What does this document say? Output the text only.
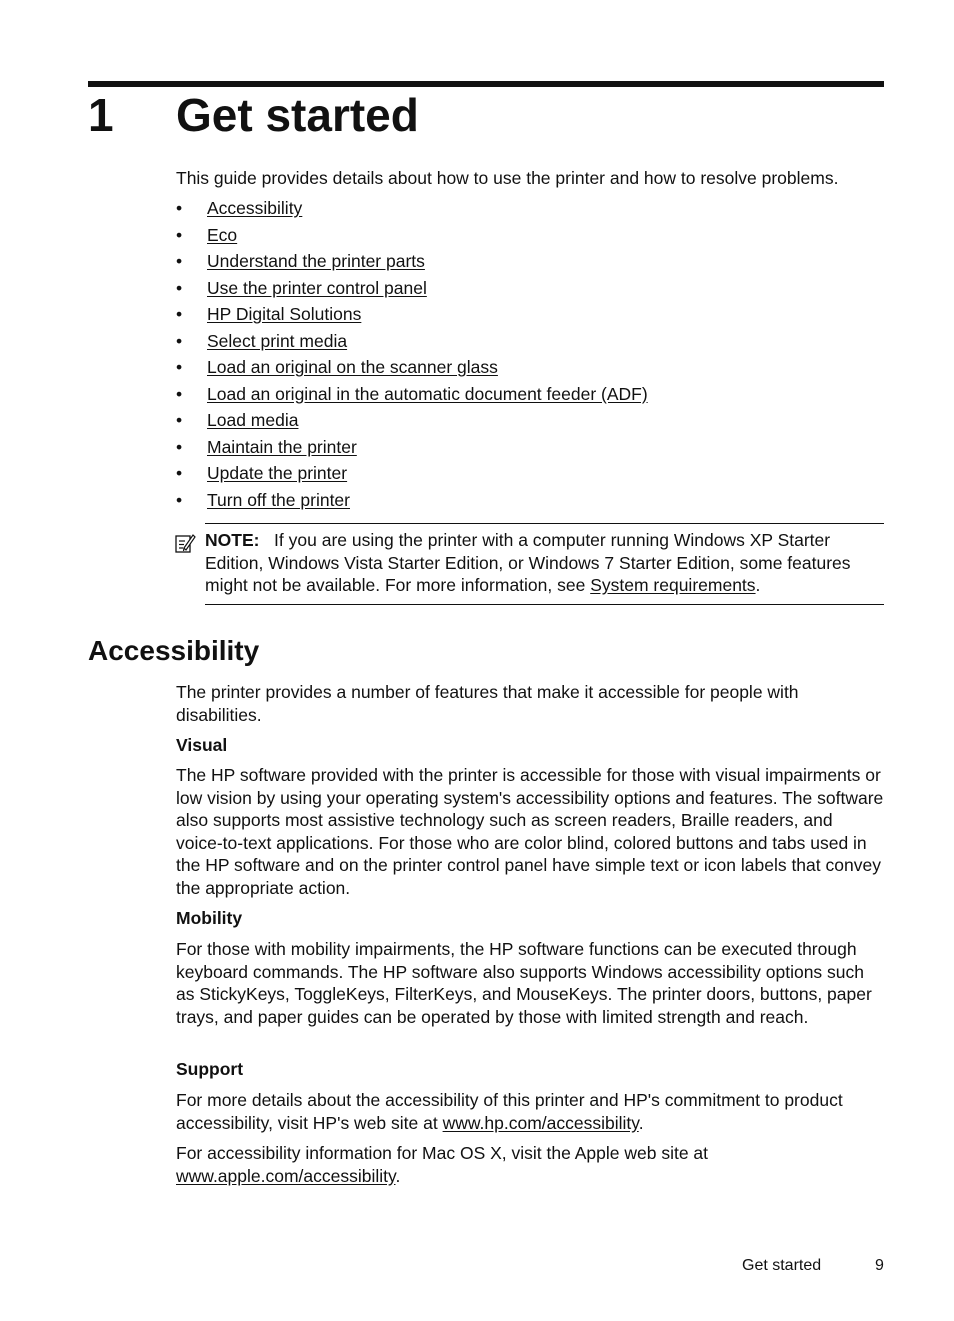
1 Get started
This guide provides details about how to use the printer and how to resolve problems.
• Accessibility
• Eco
• Understand the printer parts
• Use the printer control panel
• HP Digital Solutions
• Select print media
• Load an original on the scanner glass
• Load an original in the automatic document feeder (ADF)
• Load media
• Maintain the printer
• Update the printer
• Turn off the printer
NOTE: If you are using the printer with a computer running Windows XP Starter Edition, Windows Vista Starter Edition, or Windows 7 Starter Edition, some features might not be available. For more information, see System requirements.
Accessibility

The printer provides a number of features that make it accessible for people with disabilities.

Visual

The HP software provided with the printer is accessible for those with visual impairments or low vision by using your operating system's accessibility options and features. The software also supports most assistive technology such as screen readers, Braille readers, and voice-to-text applications. For those who are color blind, colored buttons and tabs used in the HP software and on the printer control panel have simple text or icon labels that convey the appropriate action.

Mobility

For those with mobility impairments, the HP software functions can be executed through keyboard commands. The HP software also supports Windows accessibility options such as StickyKeys, ToggleKeys, FilterKeys, and MouseKeys. The printer doors, buttons, paper trays, and paper guides can be operated by those with limited strength and reach.

Support

For more details about the accessibility of this printer and HP's commitment to product accessibility, visit HP's web site at www.hp.com/accessibility.

For accessibility information for Mac OS X, visit the Apple web site at www.apple.com/accessibility.

Get started	9
